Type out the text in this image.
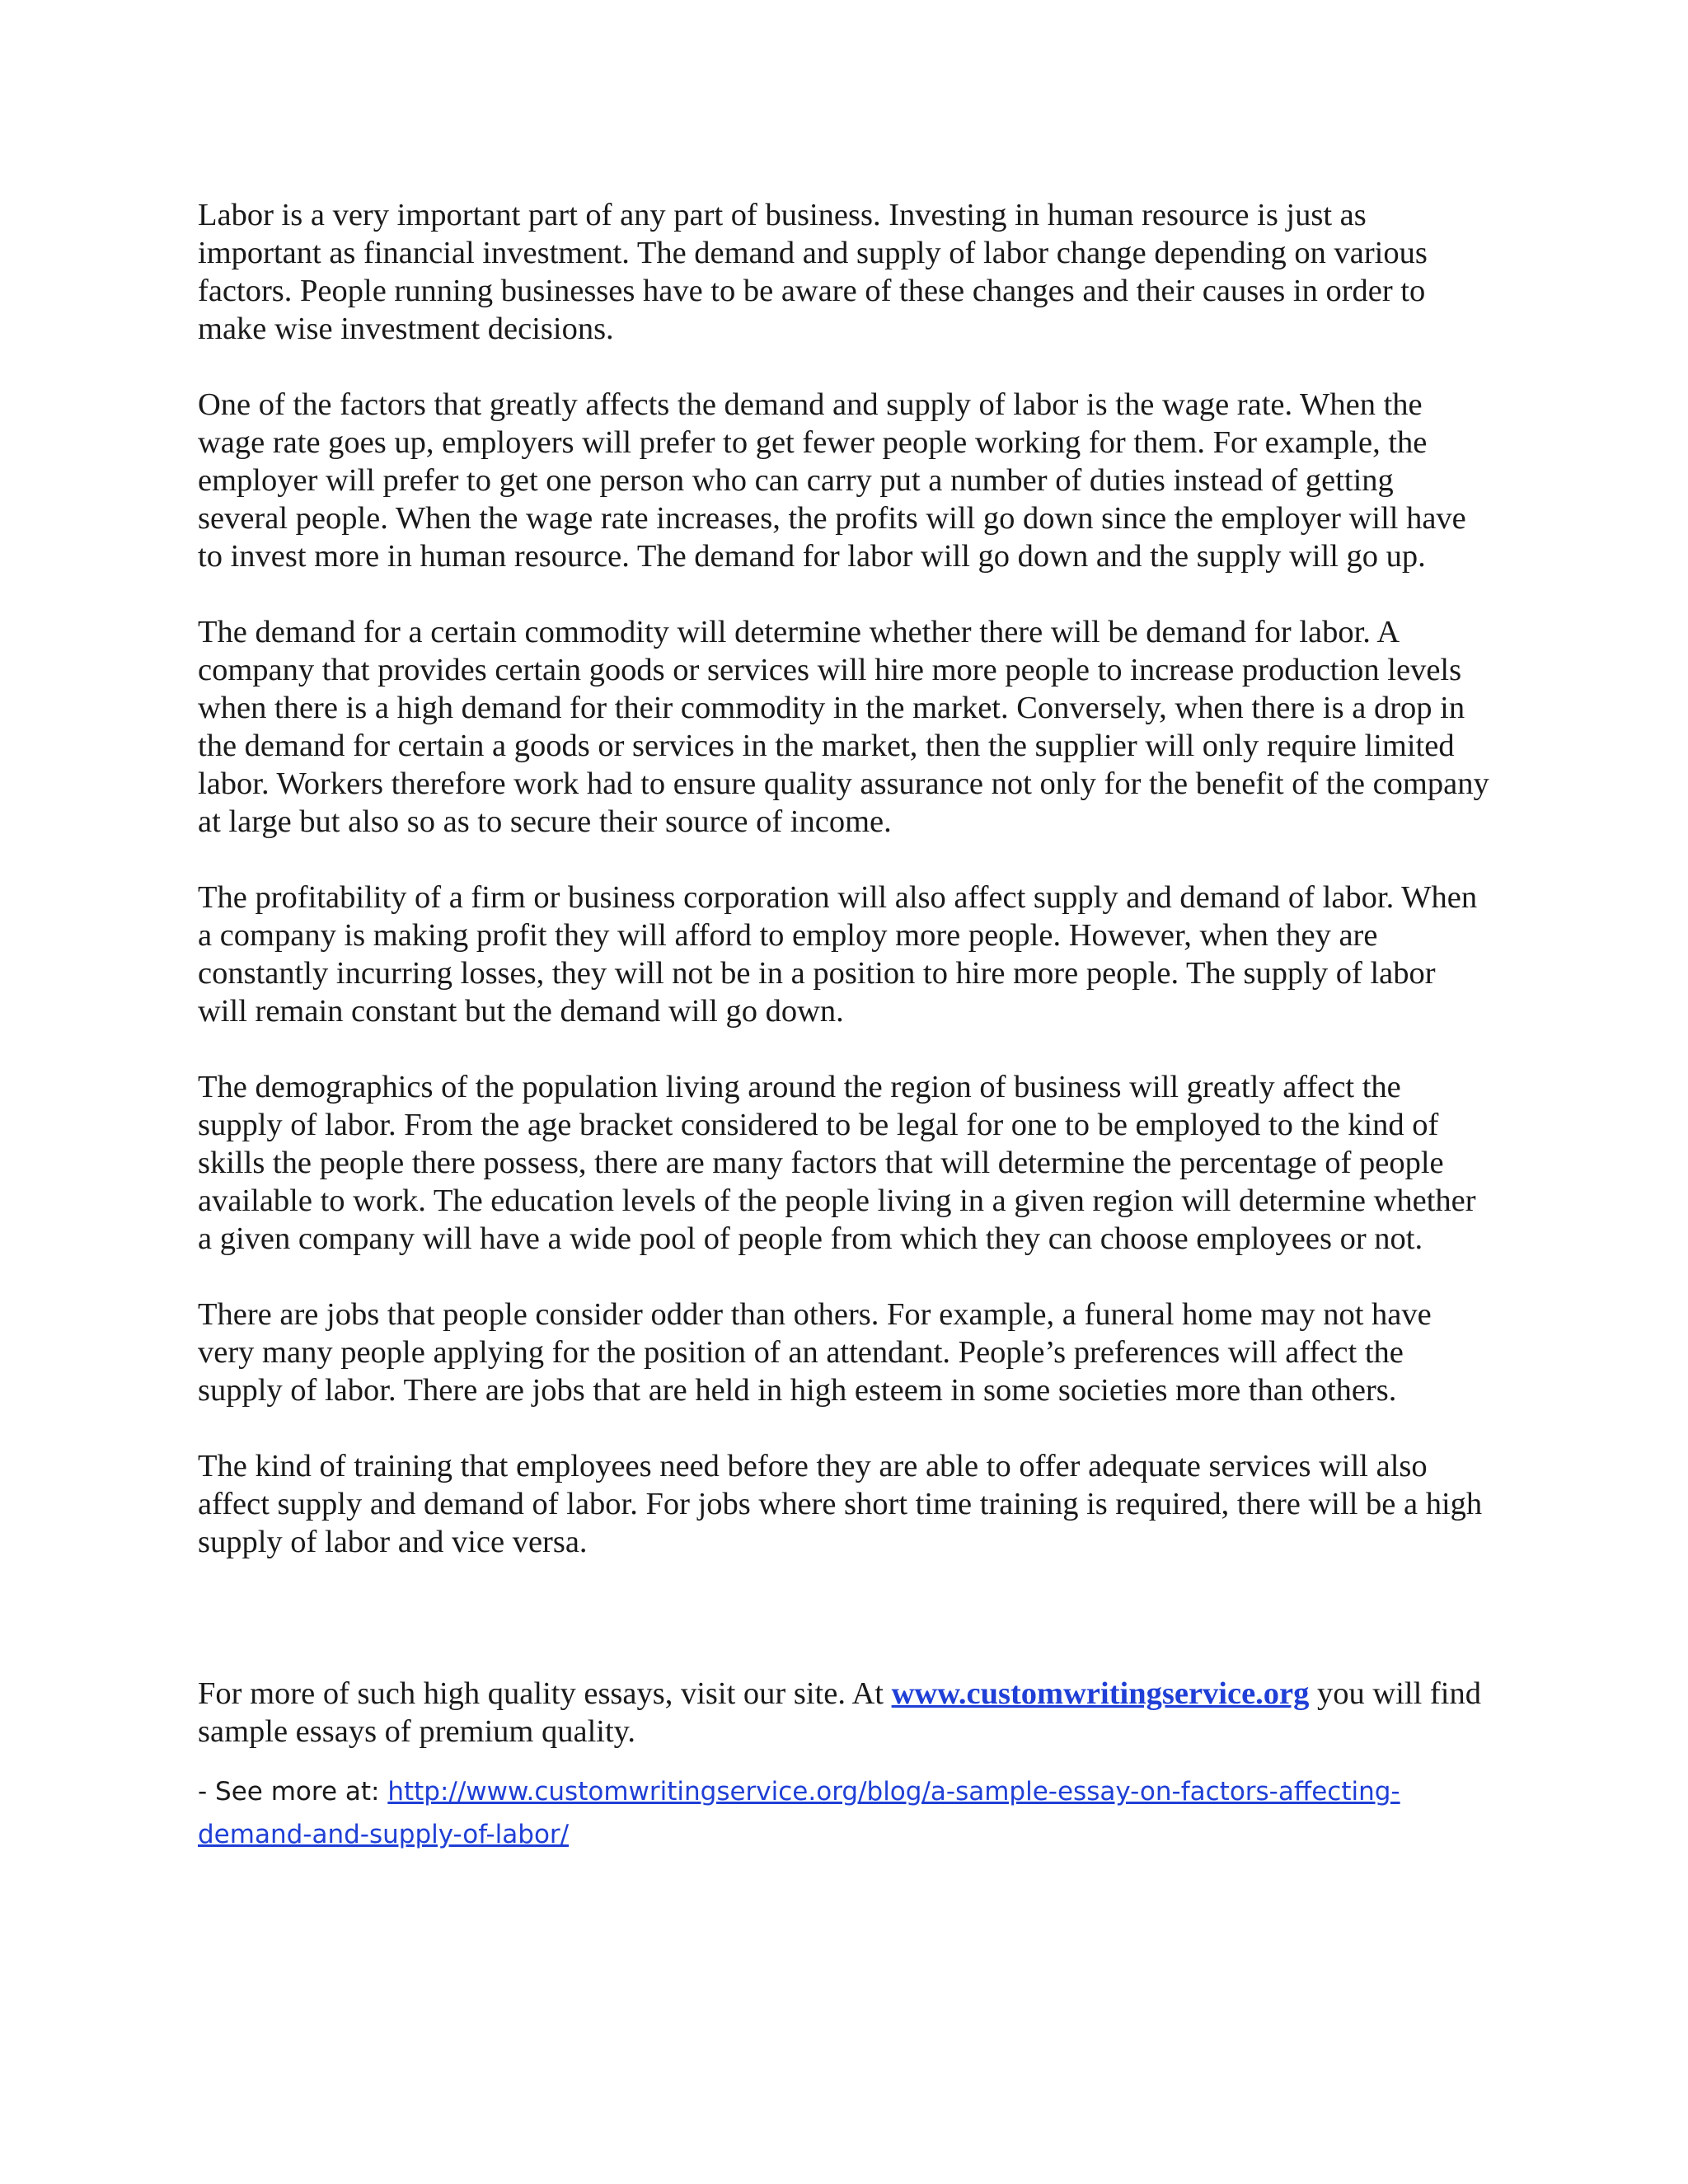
Labor is a very important part of any part of business. Investing in human resource is just as important as financial investment. The demand and supply of labor change depending on various factors. People running businesses have to be aware of these changes and their causes in order to make wise investment decisions.

One of the factors that greatly affects the demand and supply of labor is the wage rate. When the wage rate goes up, employers will prefer to get fewer people working for them. For example, the employer will prefer to get one person who can carry put a number of duties instead of getting several people. When the wage rate increases, the profits will go down since the employer will have to invest more in human resource. The demand for labor will go down and the supply will go up.

The demand for a certain commodity will determine whether there will be demand for labor. A company that provides certain goods or services will hire more people to increase production levels when there is a high demand for their commodity in the market. Conversely, when there is a drop in the demand for certain a goods or services in the market, then the supplier will only require limited labor. Workers therefore work had to ensure quality assurance not only for the benefit of the company at large but also so as to secure their source of income.

The profitability of a firm or business corporation will also affect supply and demand of labor. When a company is making profit they will afford to employ more people. However, when they are constantly incurring losses, they will not be in a position to hire more people. The supply of labor will remain constant but the demand will go down.

The demographics of the population living around the region of business will greatly affect the supply of labor. From the age bracket considered to be legal for one to be employed to the kind of skills the people there possess, there are many factors that will determine the percentage of people available to work. The education levels of the people living in a given region will determine whether a given company will have a wide pool of people from which they can choose employees or not.

There are jobs that people consider odder than others. For example, a funeral home may not have very many people applying for the position of an attendant. People’s preferences will affect the supply of labor. There are jobs that are held in high esteem in some societies more than others.

The kind of training that employees need before they are able to offer adequate services will also affect supply and demand of labor. For jobs where short time training is required, there will be a high supply of labor and vice versa.

For more of such high quality essays, visit our site. At www.customwritingservice.org you will find sample essays of premium quality.

- See more at: http://www.customwritingservice.org/blog/a-sample-essay-on-factors-affecting-demand-and-supply-of-labor/
